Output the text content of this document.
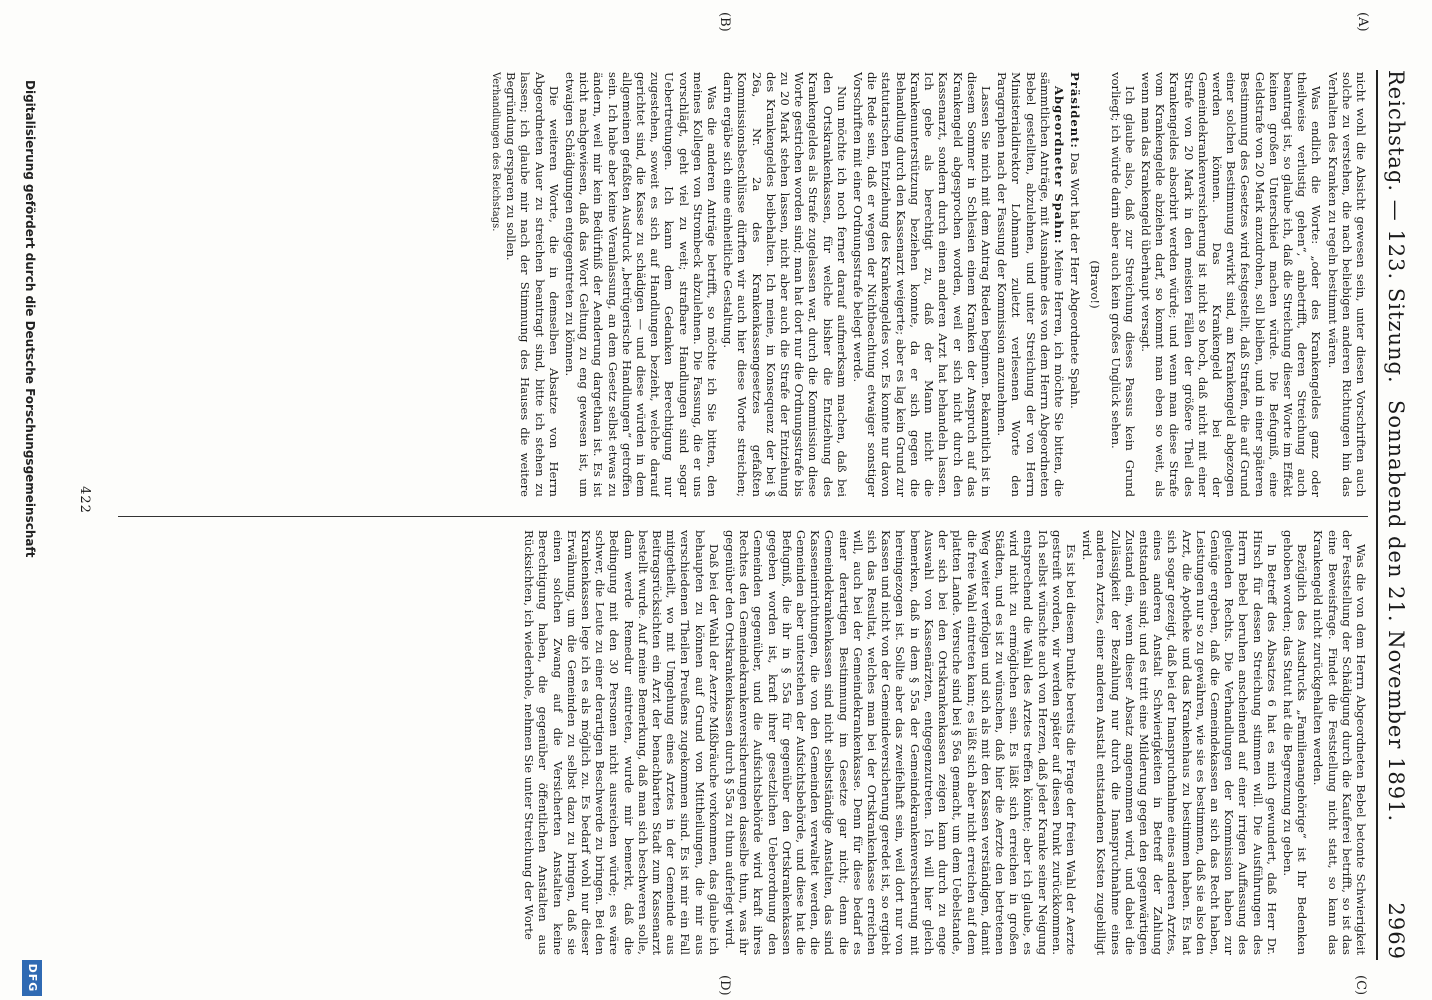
Reichstag. — 123. Sitzung.
Sonnabend den 21. November 1891.
2969
(A)
(B)
(C)
(D)

nicht wohl die Absicht gewesen sein, unter diesen Vorschriften auch solche zu verstehen, die nach beliebigen anderen Richtungen hin das Verhalten des Kranken zu regeln bestimmt wären.

Was endlich die Worte: „oder des Krankengeldes ganz oder theilweise verlustig gehen“, anbetrifft, deren Streichung auch beantragt ist, so glaube ich, daß die Streichung dieser Worte im Effekt keinen großen Unterschied machen würde. Die Befugniß, eine Geldstrafe von 20 Mark anzudrohen, soll bleiben, und in einer späteren Bestimmung des Gesetzes wird festgestellt, daß Strafen, die auf Grund einer solchen Bestimmung erwirkt sind, am Krankengeld abgezogen werden können. Das Krankengeld bei der Gemeindekrankenversicherung ist nicht so hoch, daß nicht mit einer Strafe von 20 Mark in den meisten Fällen der größere Theil des Krankengeldes absorbirt werden würde; und wenn man diese Strafe vom Krankengelde abziehen darf, so kommt man eben so weit, als wenn man das Krankengeld überhaupt versagt.

Ich glaube also, daß zur Streichung dieses Passus kein Grund vorliegt; ich würde darin aber auch kein großes Unglück sehen.

(Bravo!)

Präsident: Das Wort hat der Herr Abgeordnete Spahn.

Abgeordneter Spahn: Meine Herren, ich möchte Sie bitten, die sämmtlichen Anträge, mit Ausnahme des von dem Herrn Abgeordneten Bebel gestellten, abzulehnen, und unter Streichung der von Herrn Ministerialdirektor Lohmann zuletzt verlesenen Worte den Paragraphen nach der Fassung der Kommission anzunehmen.

Lassen Sie mich mit dem Antrag Rieden beginnen. Bekanntlich ist in diesem Sommer in Schlesien einem Kranken der Anspruch auf das Krankengeld abgesprochen worden, weil er sich nicht durch den Kassenarzt, sondern durch einen anderen Arzt hat behandeln lassen. Ich gebe als berechtigt zu, daß der Mann nicht die Krankenunterstützung beziehen konnte, da er sich gegen die Behandlung durch den Kassenarzt weigerte; aber es lag kein Grund zur statutarischen Entziehung des Krankengeldes vor. Es konnte nur davon die Rede sein, daß er wegen der Nichtbeachtung etwaiger sonstiger Vorschriften mit einer Ordnungsstrafe belegt werde.

Nun möchte ich noch ferner darauf aufmerksam machen, daß bei den Ortskrankenkassen, für welche bisher die Entziehung des Krankengeldes als Strafe zugelassen war, durch die Kommission diese Worte gestrichen worden sind; man hat dort nur die Ordnungsstrafe bis zu 20 Mark stehen lassen, nicht aber auch die Strafe der Entziehung des Krankengeldes beibehalten. Ich meine, in Konsequenz der bei § 26a, Nr. 2a des Krankenkassengesetzes gefaßten Kommissionsbeschlüsse dürften wir auch hier diese Worte streichen; darin ergäbe sich eine einheitliche Gestaltung.

Was die anderen Anträge betrifft, so möchte ich Sie bitten, den meines Kollegen von Strombeck abzulehnen. Die Fassung, die er uns vorschlägt, geht viel zu weit; strafbare Handlungen sind sogar Uebertretungen. Ich kann dem Gedanken Berechtigung nur zugestehen, soweit es sich auf Handlungen bezieht, welche darauf gerichtet sind, die Kasse zu schädigen — und diese würden in dem allgemeinen gefaßten Ausdruck „betrügerische Handlungen“ getroffen sein. Ich habe aber keine Veranlassung, an dem Gesetz selbst etwas zu ändern, weil mir kein Bedürfniß der Aenderung dargethan ist. Es ist nicht nachgewiesen, daß das Wort Geltung zu eng gewesen ist, um etwaigen Schädigungen entgegentreten zu können.

Die weiteren Worte, die in demselben Absatze von Herrn Abgeordneten Auer zu streichen beantragt sind, bitte ich stehen zu lassen; ich glaube mir nach der Stimmung des Hauses die weitere Begründung ersparen zu sollen.

Verhandlungen des Reichstags.

Was die von dem Herrn Abgeordneten Bebel betonte Schwierigkeit der Feststellung der Schädigung durch die Kauferei betrifft, so ist das eine Beweisfrage. Findet die Feststellung nicht statt, so kann das Krankengeld nicht zurückgehalten werden.

Bezüglich des Ausdrucks „Familienangehörige“ ist Ihr Bedenken gehoben worden; das Statut hat die Begrenzung zu geben.

In Betreff des Absatzes 6 hat es mich gewundert, daß Herr Dr. Hirsch für dessen Streichung stimmen will. Die Ausführungen des Herrn Bebel beruhen anscheinend auf einer irrigen Auffassung des geltenden Rechts. Die Verhandlungen der Kommission haben zur Genüge ergeben, daß die Gemeindekassen an sich das Recht haben, Leistungen nur so zu gewähren, wie sie es bestimmen, daß sie also den Arzt, die Apotheke und das Krankenhaus zu bestimmen haben. Es hat sich sogar gezeigt, daß bei der Inanspruchnahme eines anderen Arztes, eines anderen Anstalt Schwierigkeiten in Betreff der Zahlung entstanden sind; und es tritt eine Milderung gegen den gegenwärtigen Zustand ein, wenn dieser Absatz angenommen wird, und dabei die Zulässigkeit der Bezahlung nur durch die Inanspruchnahme eines anderen Arztes, einer anderen Anstalt entstandenen Kosten zugebilligt wird.

Es ist bei diesem Punkte bereits die Frage der freien Wahl der Aerzte gestreift worden, wir werden später auf diesen Punkt zurückkommen. Ich selbst wünschte auch von Herzen, daß jeder Kranke seiner Neigung entsprechend die Wahl des Arztes treffen könnte; aber ich glaube, es wird nicht zu ermöglichen sein. Es läßt sich erreichen in großen Städten, und es ist zu wünschen, daß hier die Aerzte den betretenen Weg weiter verfolgen und sich als mit den Kassen verständigen, damit die freie Wahl eintreten kann; es läßt sich aber nicht erreichen auf dem platten Lande. Versuche sind bei § 56a gemacht, um dem Uebelstande, der sich bei den Ortskrankenkassen zeigen kann durch zu enge Auswahl von Kassenärzten, entgegenzutreten. Ich will hier gleich bemerken, daß in dem § 55a der Gemeindekrankenversicherung mit hereingezogen ist. Sollte aber das zweifelhaft sein, weil dort nur von Kassen und nicht von der Gemeindeversicherung geredet ist, so ergiebt sich das Resultat, welches man bei der Ortskrankenkasse erreichen will, auch bei der Gemeindekrankenkasse. Denn für diese bedarf es einer derartigen Bestimmung im Gesetze gar nicht; denn die Gemeindekrankenkassen sind nicht selbstständige Anstalten, das sind Kasseneinrichtungen, die von den Gemeinden verwaltet werden, die Gemeinden aber unterstehen der Aufsichtsbehörde, und diese hat die Befugniß, die ihr in § 55a für gegenüber den Ortskrankenkassen gegeben worden ist, kraft ihrer gesetzlichen Ueberordnung den Gemeinden gegenüber, und die Aufsichtsbehörde wird kraft ihres Rechtes den Gemeindekrankenversicherungen dasselbe thun, was ihr gegenüber den Ortskrankenkassen durch § 55a zu thun auferlegt wird.

Daß bei der Wahl der Aerzte Mißbräuche vorkommen, das glaube ich behaupten zu können auf Grund von Mittheilungen, die mir aus verschiedenen Theilen Preußens zugekommen sind. Es ist mir ein Fall mitgetheilt, wo mit Umgehung eines Arztes in der Gemeinde aus Beitragsrücksichten ein Arzt der benachbarten Stadt zum Kassenarzt bestellt wurde. Auf meine Bemerkung, daß man sich beschweren solle, dann werde Remedur eintreten, wurde mir bemerkt, daß die Bedingung mit den 30 Personen nicht ausreichen würde; es wäre schwer, die Leute zu einer derartigen Beschwerde zu bringen. Bei den Krankenkassen lege ich es als möglich zu. Es bedarf wohl nur dieser Erwähnung, um die Gemeinden zu selbst dazu zu bringen, daß sie einen solchen Zwang auf die Versicherten Anstalten keine Berechtigung haben, die gegenüber öffentlichen Anstalten aus Rücksichten, ich wiederhole, nehmen Sie unter Streichung der Worte

422
Digitalisierung gefördert durch die Deutsche Forschungsgemeinschaft
DFG
